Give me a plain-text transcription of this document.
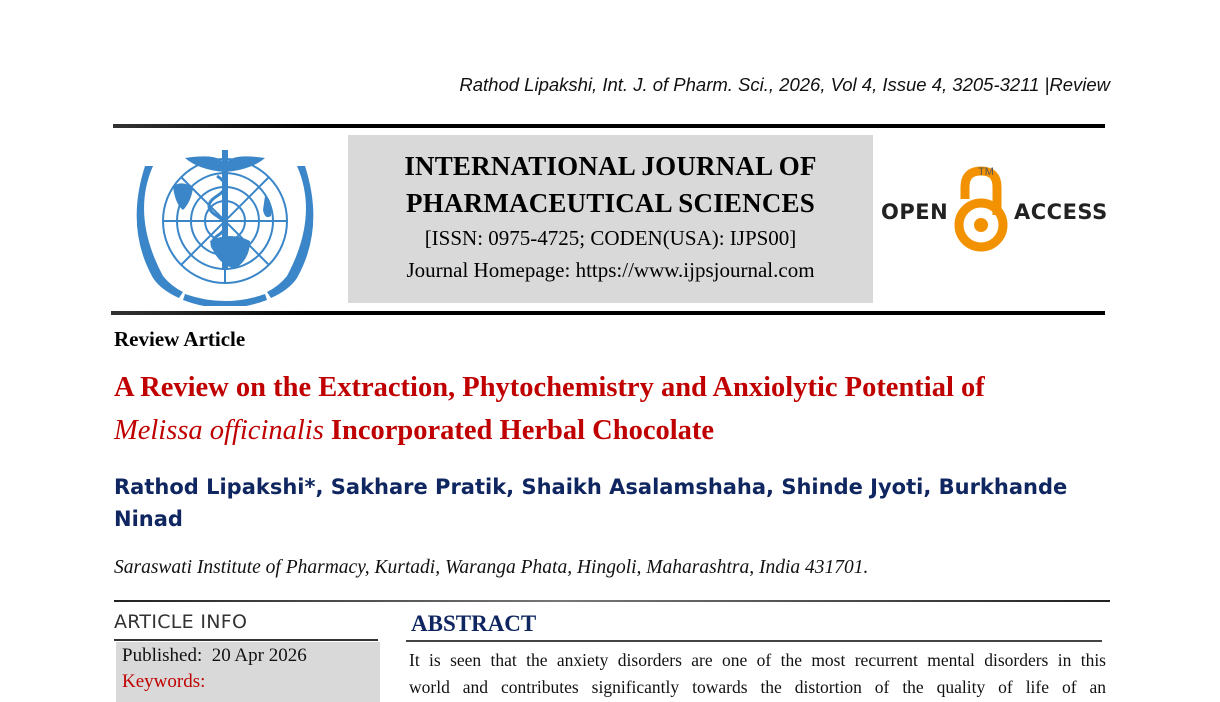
Rathod Lipakshi, Int. J. of Pharm. Sci., 2026, Vol 4, Issue 4, 3205-3211 |Review
INTERNATIONAL JOURNAL OF
PHARMACEUTICAL SCIENCES
[ISSN: 0975-4725; CODEN(USA): IJPS00]
Journal Homepage: https://www.ijpsjournal.com
OPEN
TM
ACCESS
Review Article
A Review on the Extraction, Phytochemistry and Anxiolytic Potential of
Melissa officinalis Incorporated Herbal Chocolate
Rathod Lipakshi*, Sakhare Pratik, Shaikh Asalamshaha, Shinde Jyoti, Burkhande
Ninad
Saraswati Institute of Pharmacy, Kurtadi, Waranga Phata, Hingoli, Maharashtra, India 431701.
ARTICLE INFO
Published: 20 Apr 2026
Keywords:
ABSTRACT
It is seen that the anxiety disorders are one of the most recurrent mental disorders in this
world and contributes significantly towards the distortion of the quality of life of an
